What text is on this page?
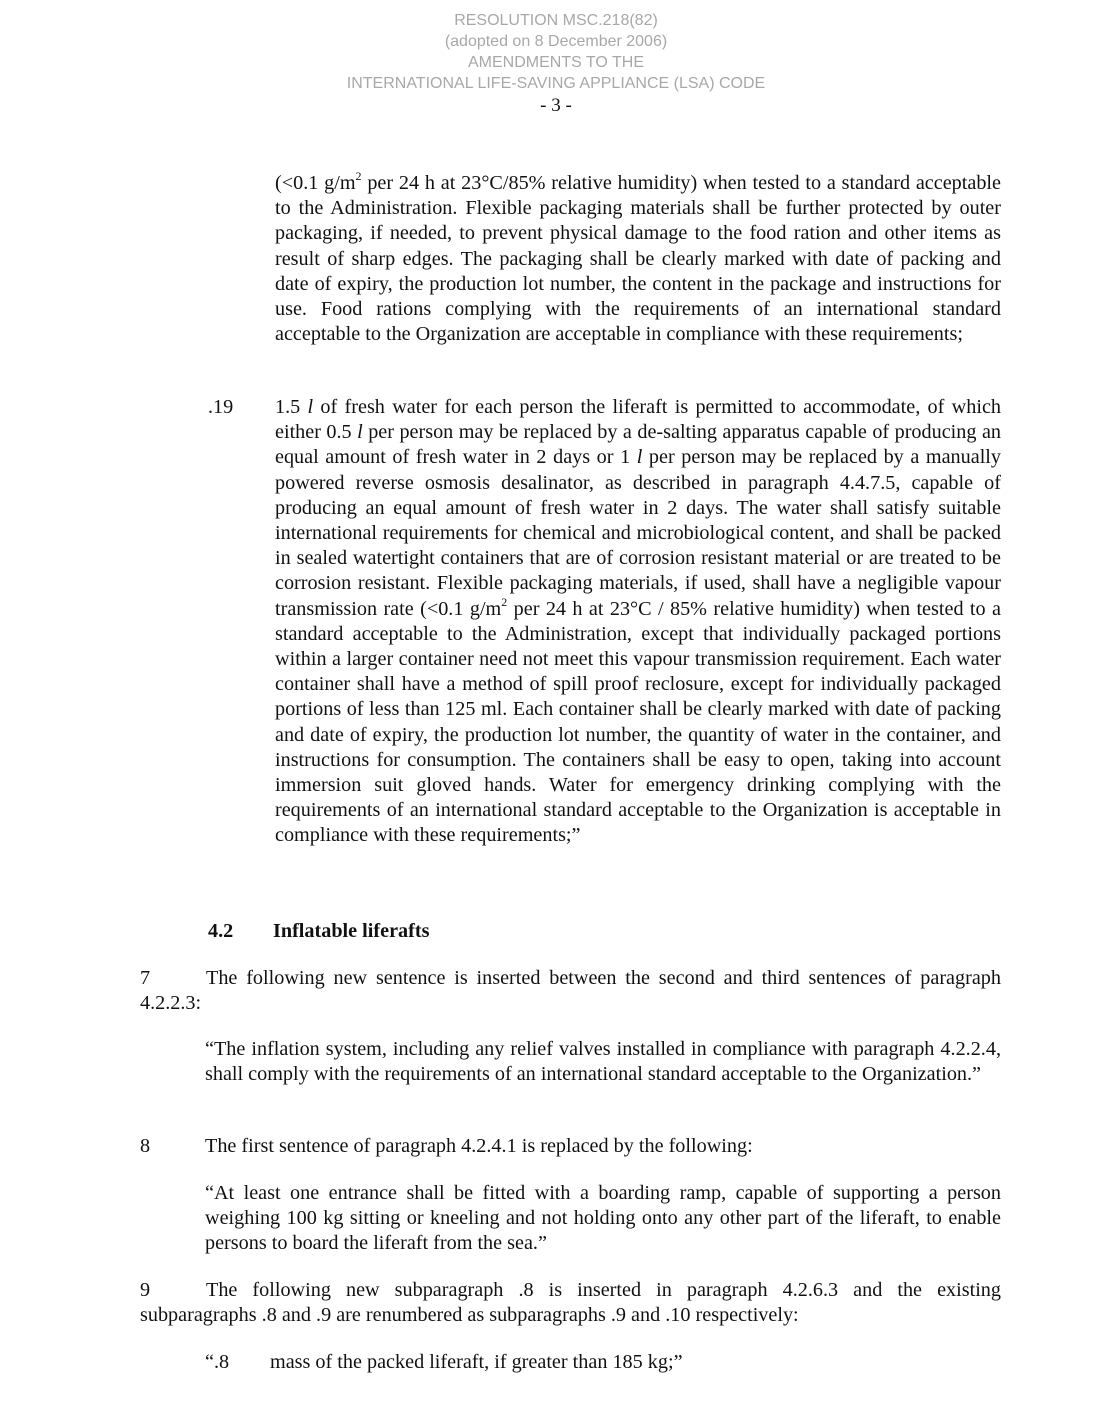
RESOLUTION MSC.218(82)
(adopted on 8 December 2006)
AMENDMENTS TO THE
INTERNATIONAL LIFE-SAVING APPLIANCE (LSA) CODE
- 3 -
(<0.1 $g/m^2$ per 24 h at 23°C/85% relative humidity) when tested to a standard acceptable to the Administration. Flexible packaging materials shall be further protected by outer packaging, if needed, to prevent physical damage to the food ration and other items as result of sharp edges. The packaging shall be clearly marked with date of packing and date of expiry, the production lot number, the content in the package and instructions for use. Food rations complying with the requirements of an international standard acceptable to the Organization are acceptable in compliance with these requirements;
.19 1.5 l of fresh water for each person the liferaft is permitted to accommodate, of which either 0.5 l per person may be replaced by a de-salting apparatus capable of producing an equal amount of fresh water in 2 days or 1 l per person may be replaced by a manually powered reverse osmosis desalinator, as described in paragraph 4.4.7.5, capable of producing an equal amount of fresh water in 2 days. The water shall satisfy suitable international requirements for chemical and microbiological content, and shall be packed in sealed watertight containers that are of corrosion resistant material or are treated to be corrosion resistant. Flexible packaging materials, if used, shall have a negligible vapour transmission rate (<0.1 $g/m^2$ per 24 h at 23°C / 85% relative humidity) when tested to a standard acceptable to the Administration, except that individually packaged portions within a larger container need not meet this vapour transmission requirement. Each water container shall have a method of spill proof reclosure, except for individually packaged portions of less than 125 ml. Each container shall be clearly marked with date of packing and date of expiry, the production lot number, the quantity of water in the container, and instructions for consumption. The containers shall be easy to open, taking into account immersion suit gloved hands. Water for emergency drinking complying with the requirements of an international standard acceptable to the Organization is acceptable in compliance with these requirements;”
4.2 Inflatable liferafts
7	The following new sentence is inserted between the second and third sentences of paragraph 4.2.2.3:
“The inflation system, including any relief valves installed in compliance with paragraph 4.2.2.4, shall comply with the requirements of an international standard acceptable to the Organization.”
8	The first sentence of paragraph 4.2.4.1 is replaced by the following:
“At least one entrance shall be fitted with a boarding ramp, capable of supporting a person weighing 100 kg sitting or kneeling and not holding onto any other part of the liferaft, to enable persons to board the liferaft from the sea.”
9	The following new subparagraph .8 is inserted in paragraph 4.2.6.3 and the existing subparagraphs .8 and .9 are renumbered as subparagraphs .9 and .10 respectively:
“.8 mass of the packed liferaft, if greater than 185 kg;”
